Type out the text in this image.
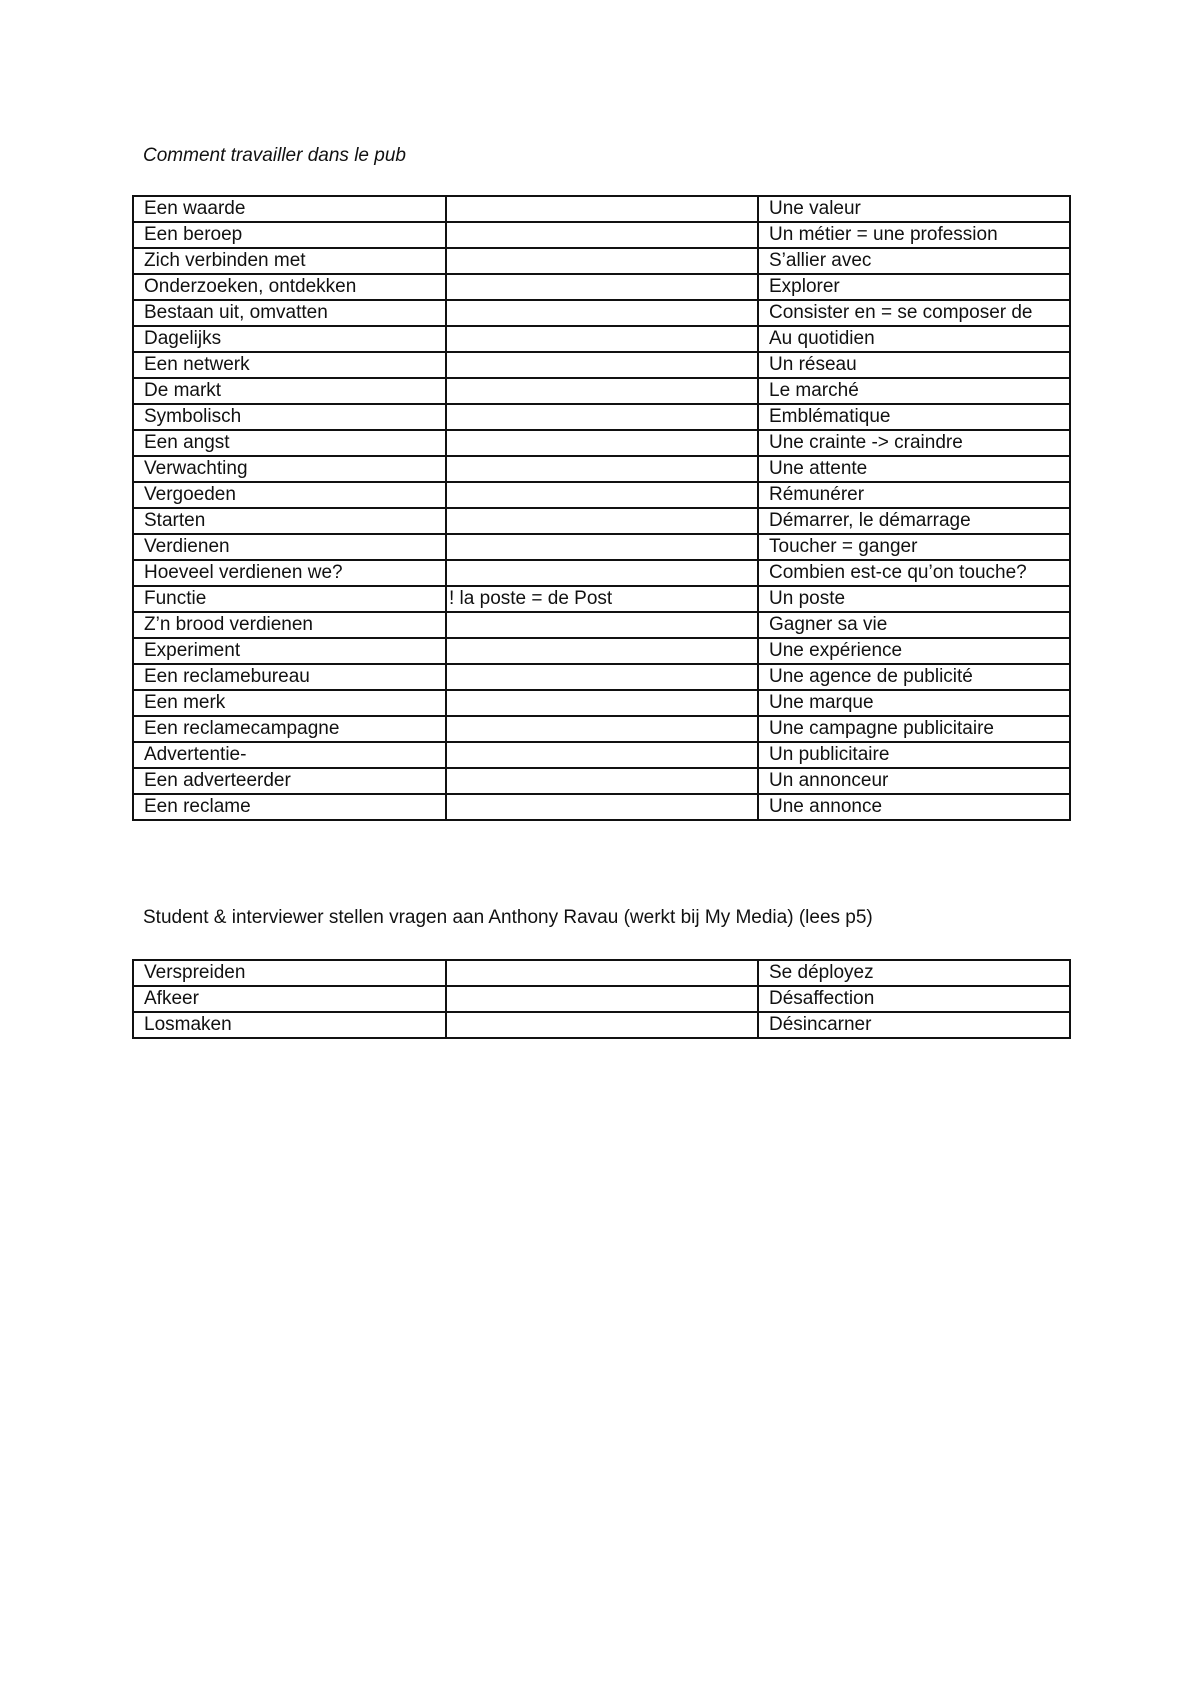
Comment travailler dans le pub
Een waarde		Une valeur
Een beroep		Un métier = une profession
Zich verbinden met		S’allier avec
Onderzoeken, ontdekken		Explorer
Bestaan uit, omvatten		Consister en = se composer de
Dagelijks		Au quotidien
Een netwerk		Un réseau
De markt		Le marché
Symbolisch		Emblématique
Een angst		Une crainte -> craindre
Verwachting		Une attente
Vergoeden		Rémunérer
Starten		Démarrer, le démarrage
Verdienen		Toucher = ganger
Hoeveel verdienen we?		Combien est-ce qu’on touche?
Functie	! la poste = de Post	Un poste
Z’n brood verdienen		Gagner sa vie
Experiment		Une expérience
Een reclamebureau		Une agence de publicité
Een merk		Une marque
Een reclamecampagne		Une campagne publicitaire
Advertentie-		Un publicitaire
Een adverteerder		Un annonceur
Een reclame		Une annonce
Student & interviewer stellen vragen aan Anthony Ravau (werkt bij My Media) (lees p5)
Verspreiden		Se déployez
Afkeer		Désaffection
Losmaken		Désincarner
